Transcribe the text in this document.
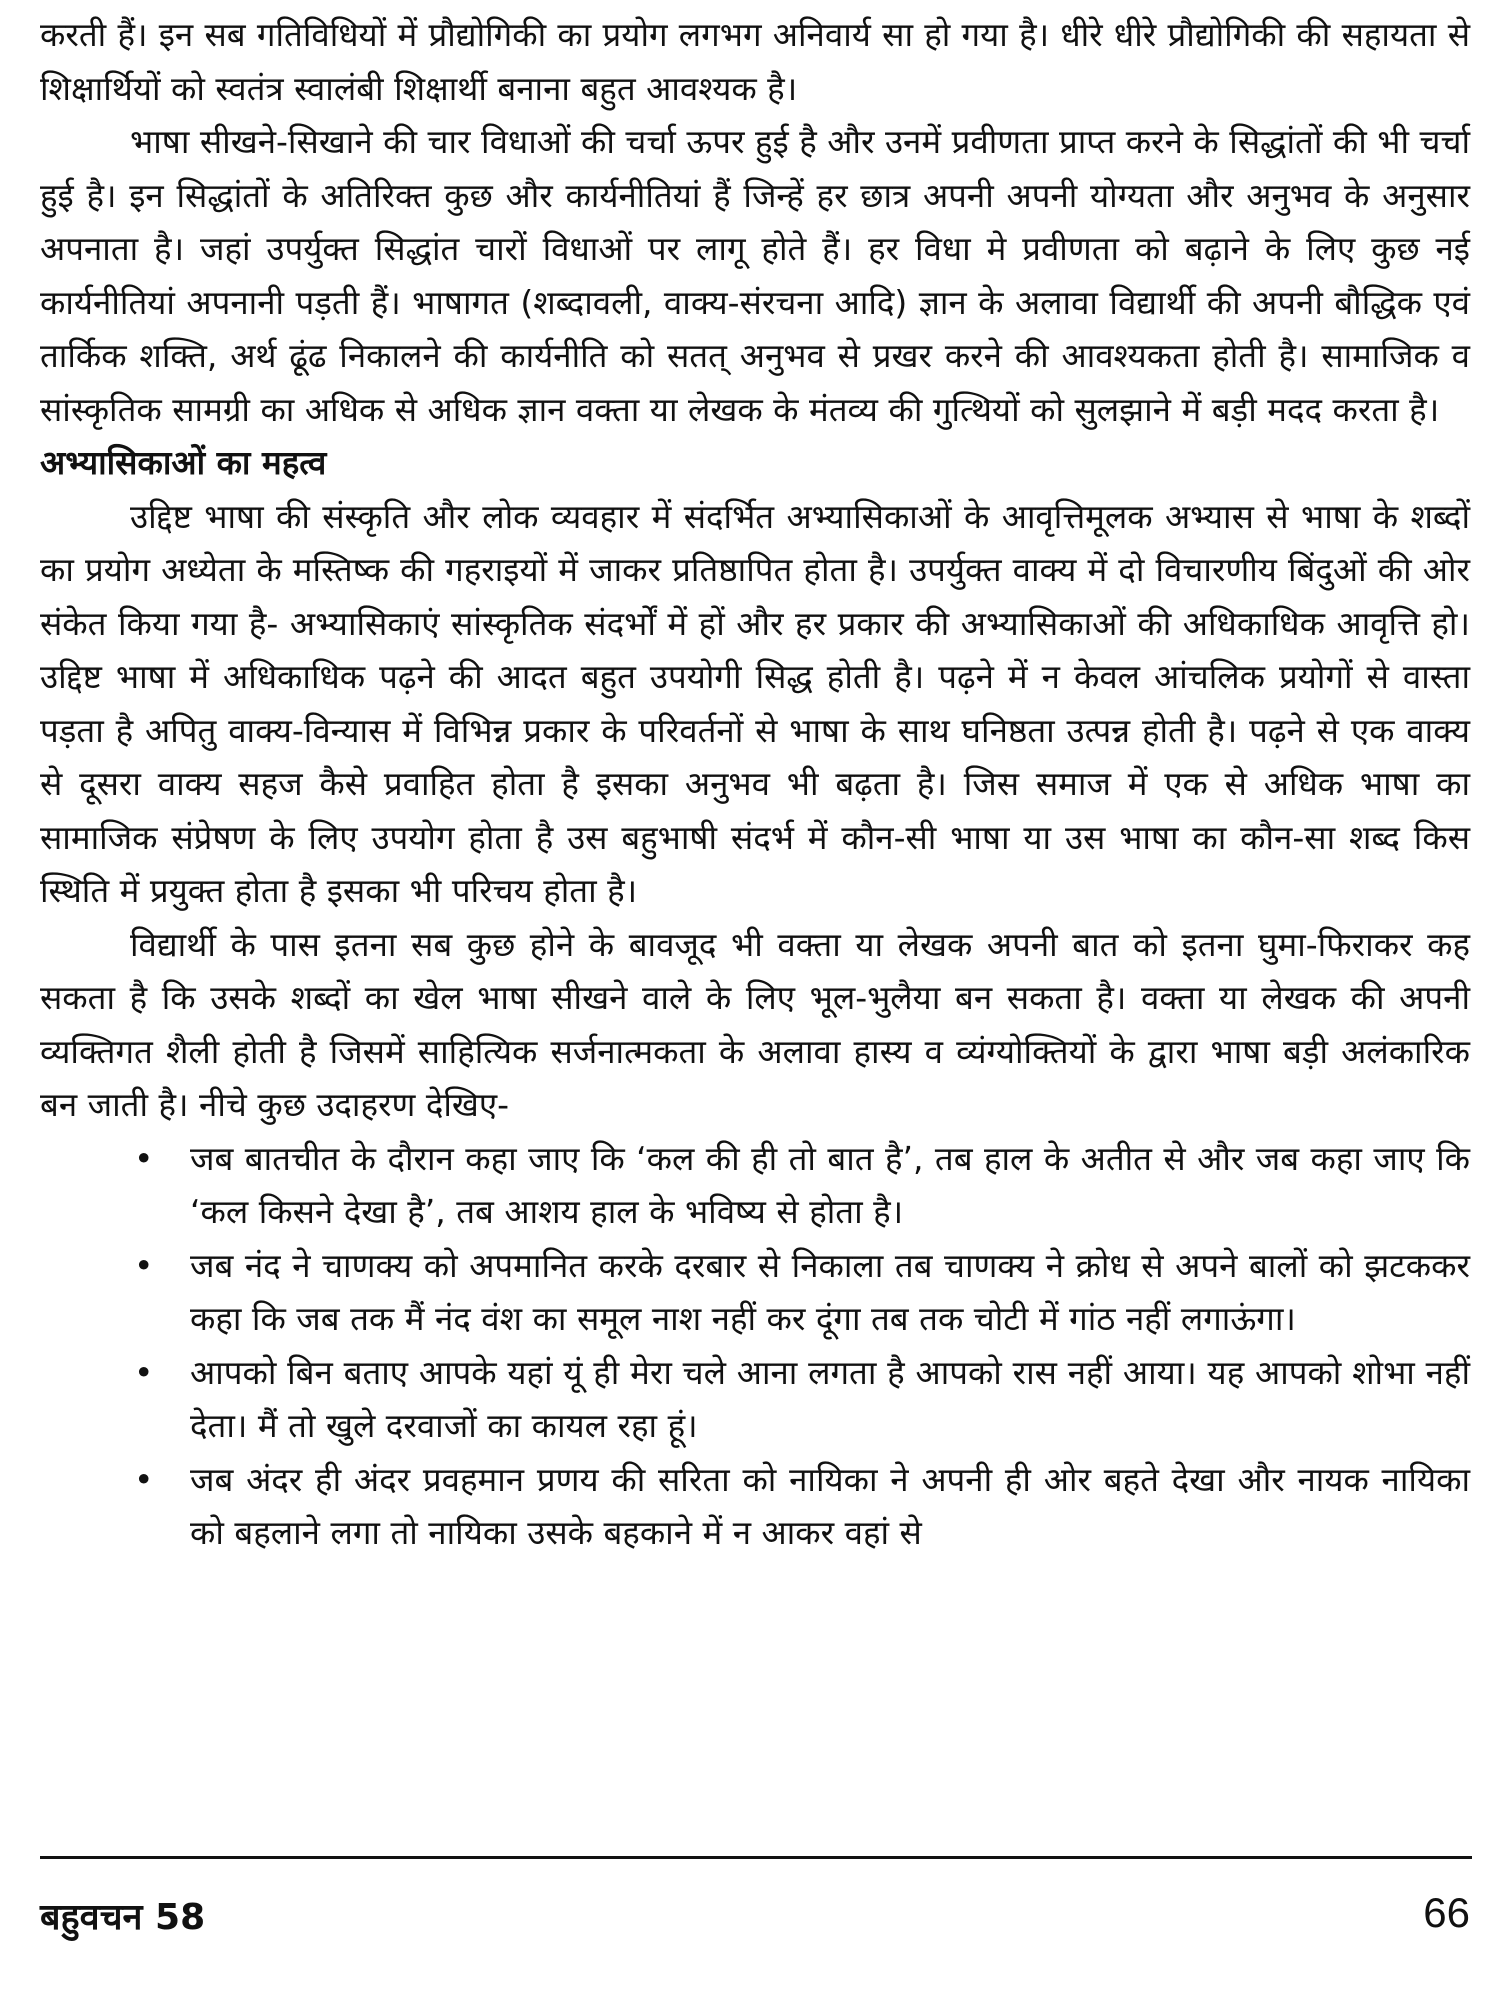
करती हैं। इन सब गतिविधियों में प्रौद्योगिकी का प्रयोग लगभग अनिवार्य सा हो गया है। धीरे धीरे प्रौद्योगिकी की सहायता से शिक्षार्थियों को स्वतंत्र स्वालंबी शिक्षार्थी बनाना बहुत आवश्यक है।

भाषा सीखने-सिखाने की चार विधाओं की चर्चा ऊपर हुई है और उनमें प्रवीणता प्राप्त करने के सिद्धांतों की भी चर्चा हुई है। इन सिद्धांतों के अतिरिक्त कुछ और कार्यनीतियां हैं जिन्हें हर छात्र अपनी अपनी योग्यता और अनुभव के अनुसार अपनाता है। जहां उपर्युक्त सिद्धांत चारों विधाओं पर लागू होते हैं। हर विधा मे प्रवीणता को बढ़ाने के लिए कुछ नई कार्यनीतियां अपनानी पड़ती हैं। भाषागत (शब्दावली, वाक्य-संरचना आदि) ज्ञान के अलावा विद्यार्थी की अपनी बौद्धिक एवं तार्किक शक्ति, अर्थ ढूंढ निकालने की कार्यनीति को सतत् अनुभव से प्रखर करने की आवश्यकता होती है। सामाजिक व सांस्कृतिक सामग्री का अधिक से अधिक ज्ञान वक्ता या लेखक के मंतव्य की गुत्थियों को सुलझाने में बड़ी मदद करता है।

अभ्यासिकाओं का महत्व

उद्दिष्ट भाषा की संस्कृति और लोक व्यवहार में संदर्भित अभ्यासिकाओं के आवृत्तिमूलक अभ्यास से भाषा के शब्दों का प्रयोग अध्येता के मस्तिष्क की गहराइयों में जाकर प्रतिष्ठापित होता है। उपर्युक्त वाक्य में दो विचारणीय बिंदुओं की ओर संकेत किया गया है- अभ्यासिकाएं सांस्कृतिक संदर्भों में हों और हर प्रकार की अभ्यासिकाओं की अधिकाधिक आवृत्ति हो। उद्दिष्ट भाषा में अधिकाधिक पढ़ने की आदत बहुत उपयोगी सिद्ध होती है। पढ़ने में न केवल आंचलिक प्रयोगों से वास्ता पड़ता है अपितु वाक्य-विन्यास में विभिन्न प्रकार के परिवर्तनों से भाषा के साथ घनिष्ठता उत्पन्न होती है। पढ़ने से एक वाक्य से दूसरा वाक्य सहज कैसे प्रवाहित होता है इसका अनुभव भी बढ़ता है। जिस समाज में एक से अधिक भाषा का सामाजिक संप्रेषण के लिए उपयोग होता है उस बहुभाषी संदर्भ में कौन-सी भाषा या उस भाषा का कौन-सा शब्द किस स्थिति में प्रयुक्त होता है इसका भी परिचय होता है।

विद्यार्थी के पास इतना सब कुछ होने के बावजूद भी वक्ता या लेखक अपनी बात को इतना घुमा-फिराकर कह सकता है कि उसके शब्दों का खेल भाषा सीखने वाले के लिए भूल-भुलैया बन सकता है। वक्ता या लेखक की अपनी व्यक्तिगत शैली होती है जिसमें साहित्यिक सर्जनात्मकता के अलावा हास्य व व्यंग्योक्तियों के द्वारा भाषा बड़ी अलंकारिक बन जाती है। नीचे कुछ उदाहरण देखिए-

• जब बातचीत के दौरान कहा जाए कि ‘कल की ही तो बात है’, तब हाल के अतीत से और जब कहा जाए कि ‘कल किसने देखा है’, तब आशय हाल के भविष्य से होता है।
• जब नंद ने चाणक्य को अपमानित करके दरबार से निकाला तब चाणक्य ने क्रोध से अपने बालों को झटककर कहा कि जब तक मैं नंद वंश का समूल नाश नहीं कर दूंगा तब तक चोटी में गांठ नहीं लगाऊंगा।
• आपको बिन बताए आपके यहां यूं ही मेरा चले आना लगता है आपको रास नहीं आया। यह आपको शोभा नहीं देता। मैं तो खुले दरवाजों का कायल रहा हूं।
• जब अंदर ही अंदर प्रवहमान प्रणय की सरिता को नायिका ने अपनी ही ओर बहते देखा और नायक नायिका को बहलाने लगा तो नायिका उसके बहकाने में न आकर वहां से
बहुवचन 58	66
